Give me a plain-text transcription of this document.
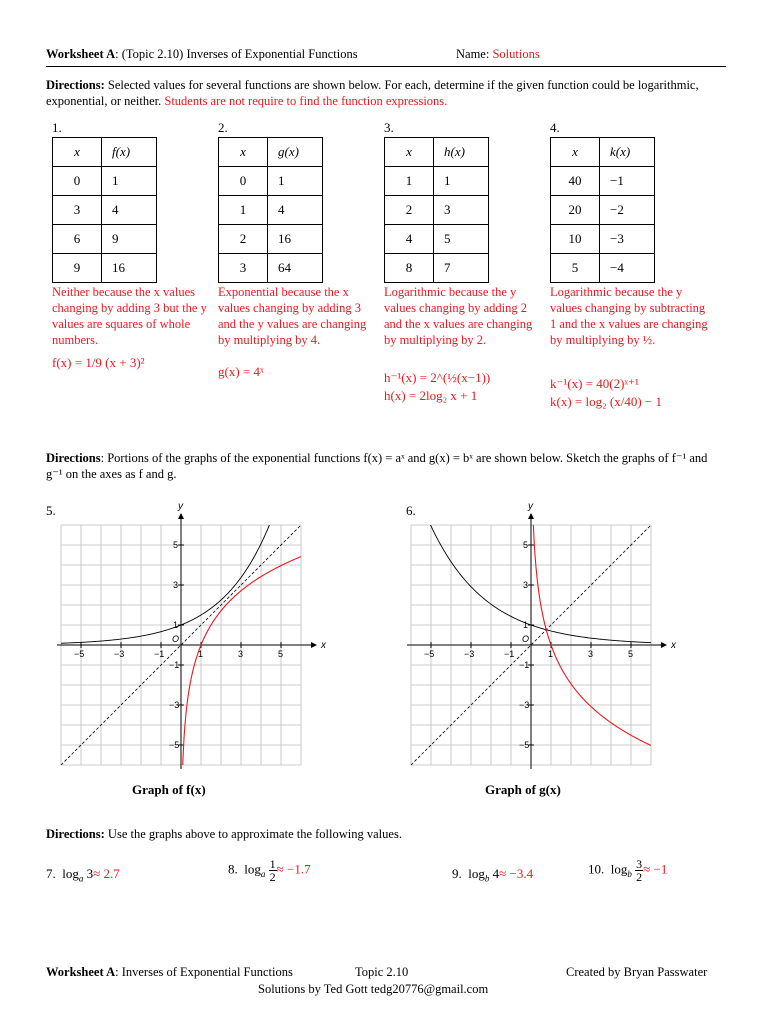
Worksheet A: (Topic 2.10) Inverses of Exponential Functions	Name: Solutions
Directions: Selected values for several functions are shown below. For each, determine if the given function could be logarithmic, exponential, or neither. Students are not require to find the function expressions.
1.
x	f(x)
0	1
3	4
6	9
9	16
Neither because the x values changing by adding 3 but the y values are squares of whole numbers.
f(x) = 1/9 (x + 3)²
2.
x	g(x)
0	1
1	4
2	16
3	64
Exponential because the x values changing by adding 3 and the y values are changing by multiplying by 4.
g(x) = 4ˣ
3.
x	h(x)
1	1
2	3
4	5
8	7
Logarithmic because the y values changing by adding 2 and the x values are changing by multiplying by 2.
h⁻¹(x) = 2^(½(x−1))
h(x) = 2log₂ x + 1
4.
x	k(x)
40	−1
20	−2
10	−3
5	−4
Logarithmic because the y values changing by subtracting 1 and the x values are changing by multiplying by ½.
k⁻¹(x) = 40(2)ˣ⁺¹
k(x) = log₂ (x/40) − 1
Directions: Portions of the graphs of the exponential functions f(x) = aˣ and g(x) = bˣ are shown below. Sketch the graphs of f⁻¹ and g⁻¹ on the axes as f and g.
5.
x
y
O
−5	−3	−1	1	3	5
5
3
1
−1
−3
−5
Graph of f(x)
6.
x
y
O
−5	−3	−1	1	3	5
5
3
1
−1
−3
−5
Graph of g(x)
Directions: Use the graphs above to approximate the following values.
7.  $\log_a 3\approx 2.7$	8.  $\log_a \frac{1}{2} \approx -1.7$	9.  $\log_b 4\approx -3.4$	10.  $\log_b \frac{3}{2} \approx -1$
Worksheet A: Inverses of Exponential Functions	Topic 2.10	Created by Bryan Passwater
Solutions by Ted Gott tedg20776@gmail.com
